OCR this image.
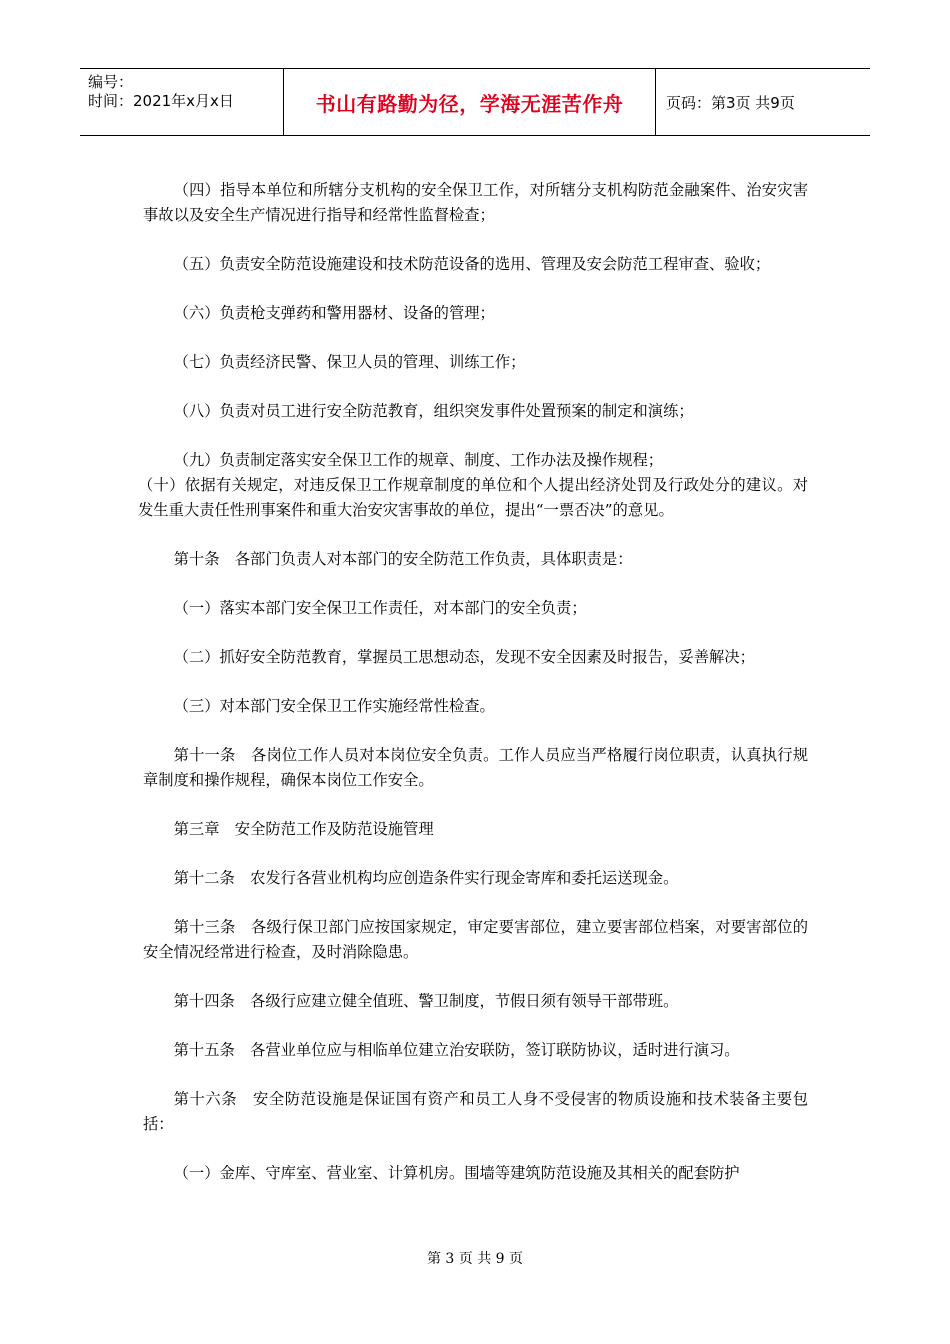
编号：
时间：2021年x月x日	书山有路勤为径，学海无涯苦作舟	页码：第3页 共9页

（四）指导本单位和所辖分支机构的安全保卫工作，对所辖分支机构防范金融案件、治安灾害事故以及安全生产情况进行指导和经常性监督检查；

（五）负责安全防范设施建设和技术防范设备的选用、管理及安会防范工程审查、验收；

（六）负责枪支弹药和警用器材、设备的管理；

（七）负责经济民警、保卫人员的管理、训练工作；

（八）负责对员工进行安全防范教育，组织突发事件处置预案的制定和演练；

（九）负责制定落实安全保卫工作的规章、制度、工作办法及操作规程；

（十）依据有关规定，对违反保卫工作规章制度的单位和个人提出经济处罚及行政处分的建议。对发生重大责任性刑事案件和重大治安灾害事故的单位，提出“一票否决”的意见。

第十条　各部门负责人对本部门的安全防范工作负责，具体职责是：

（一）落实本部门安全保卫工作责任，对本部门的安全负责；

（二）抓好安全防范教育，掌握员工思想动态，发现不安全因素及时报告，妥善解决；

（三）对本部门安全保卫工作实施经常性检查。

第十一条　各岗位工作人员对本岗位安全负责。工作人员应当严格履行岗位职责，认真执行规章制度和操作规程，确保本岗位工作安全。

第三章　安全防范工作及防范设施管理

第十二条　农发行各营业机构均应创造条件实行现金寄库和委托运送现金。

第十三条　各级行保卫部门应按国家规定，审定要害部位，建立要害部位档案，对要害部位的安全情况经常进行检查，及时消除隐患。

第十四条　各级行应建立健全值班、警卫制度，节假日须有领导干部带班。

第十五条　各营业单位应与相临单位建立治安联防，签订联防协议，适时进行演习。

第十六条　安全防范设施是保证国有资产和员工人身不受侵害的物质设施和技术装备主要包括：

（一）金库、守库室、营业室、计算机房。围墙等建筑防范设施及其相关的配套防护

第 3 页 共 9 页
